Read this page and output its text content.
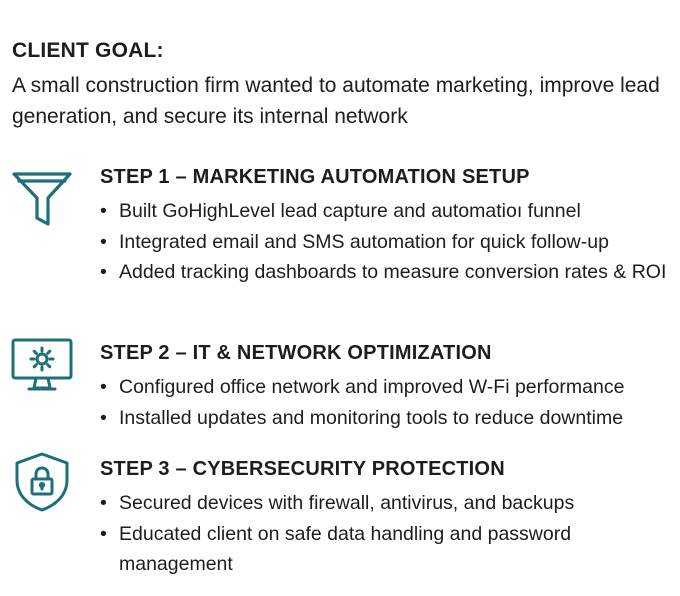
CLIENT GOAL:

A small construction firm wanted to automate marketing, improve lead generation, and secure its internal network

STEP 1 – MARKETING AUTOMATION SETUP

• Built GoHighLevel lead capture and automatioı funnel
• Integrated email and SMS automation for quick follow-up
• Added tracking dashboards to measure conversion rates & ROI

STEP 2 – IT & NETWORK OPTIMIZATION

• Configured office network and improved W-Fi performance
• Installed updates and monitoring tools to reduce downtime

STEP 3 – CYBERSECURITY PROTECTION

• Secured devices with firewall, antivirus, and backups
• Educated client on safe data handling and password management
